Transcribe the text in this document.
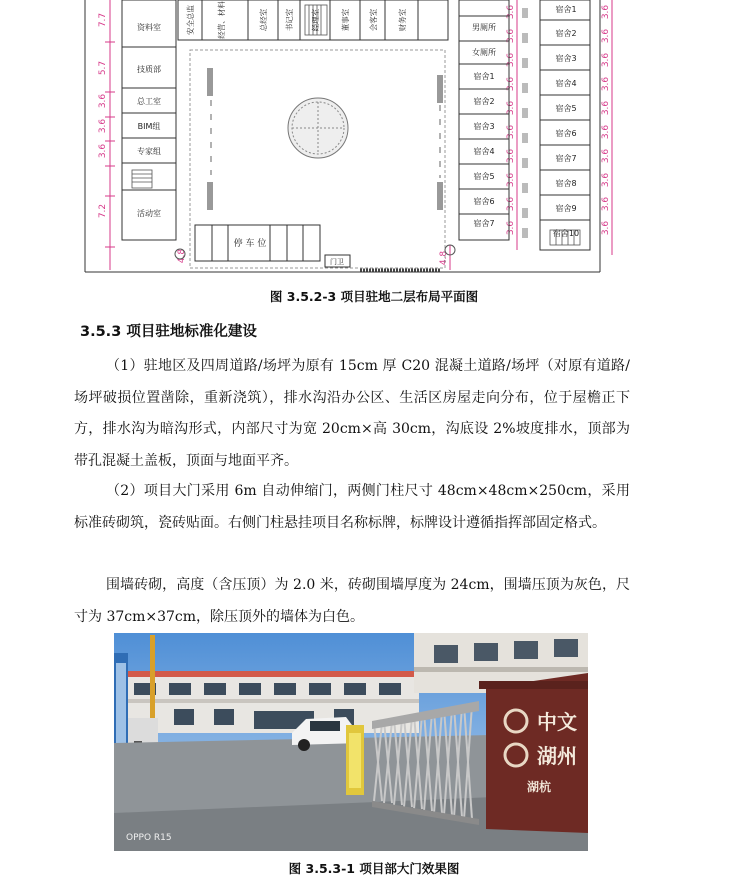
7.7
5.7
3.6
3.6
3.6
7.2
4.8
3.6
3.6
3.6
3.6
3.6
3.6
3.6
3.6
3.6
3.6
4.8
3.6
3.6
3.6
3.6
3.6
3.6
3.6
3.6
3.6
3.6
停 车 位
门卫
资料室
技质部
总工室
BIM组
专家组
活动室
安全总监	经营、材料	总经室 书记室 经理室	董事室	会客室	财务室	男厕所
女厕所
宿舍1
宿舍2
宿舍3
宿舍4
宿舍5
宿舍6
宿舍7
宿舍1
宿舍2
宿舍3
宿舍4
宿舍5
宿舍6
宿舍7
宿舍8
宿舍9
宿舍10
图 3.5.2-3 项目驻地二层布局平面图
3.5.3 项目驻地标准化建设
（1）驻地区及四周道路/场坪为原有 15cm 厚 C20 混凝土道路/场坪（对原有道路/场坪破损位置凿除，重新浇筑），排水沟沿办公区、生活区房屋走向分布，位于屋檐正下方，排水沟为暗沟形式，内部尺寸为宽 20cm×高 30cm，沟底设 2%坡度排水，顶部为带孔混凝土盖板，顶面与地面平齐。
（2）项目大门采用 6m 自动伸缩门，两侧门柱尺寸 48cm×48cm×250cm，采用标准砖砌筑，瓷砖贴面。右侧门柱悬挂项目名称标牌，标牌设计遵循指挥部固定格式。
围墙砖砌，高度（含压顶）为 2.0 米，砖砌围墙厚度为 24cm，围墙压顶为灰色，尺寸为 37cm×37cm，除压顶外的墙体为白色。
中文
湖州
湖杭
OPPO R15
图 3.5.3-1 项目部大门效果图
